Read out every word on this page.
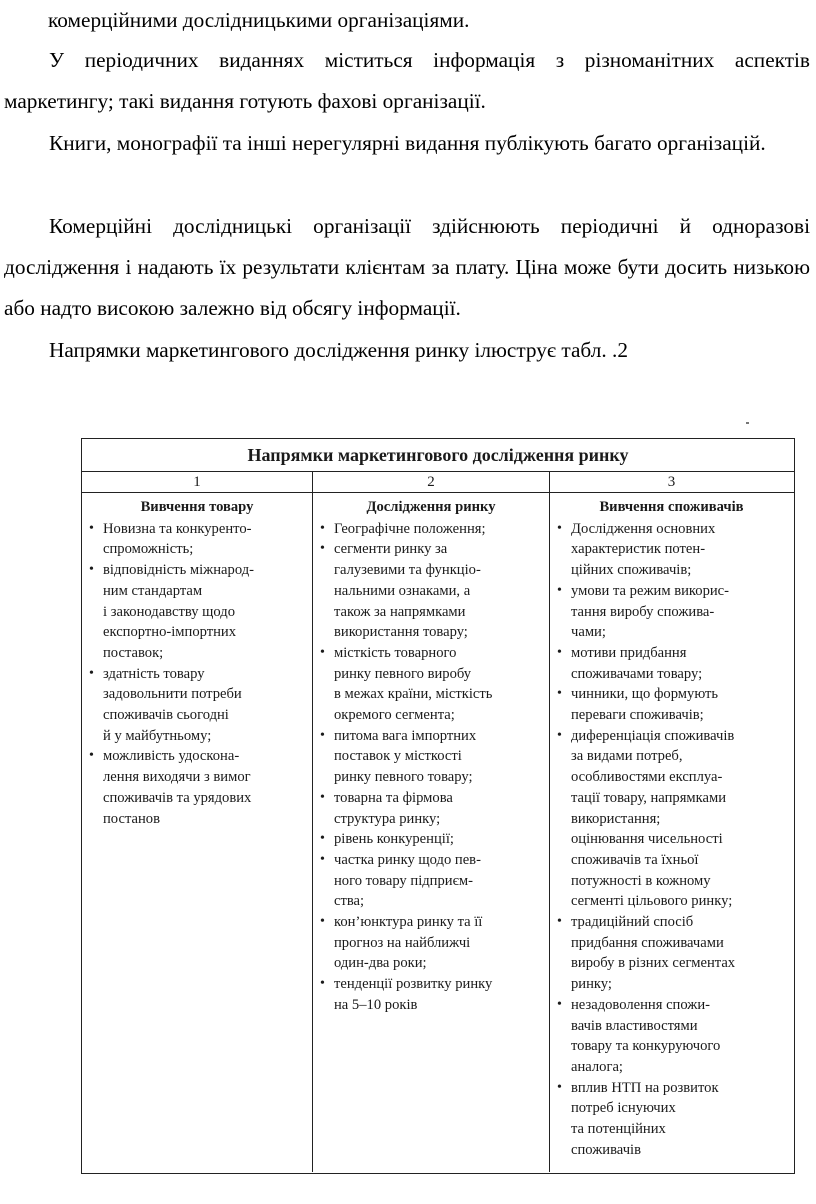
комерційними дослідницькими організаціями.

У періодичних виданнях міститься інформація з різноманітних аспектів маркетингу; такі видання готують фахові організації.

Книги, монографії та інші нерегулярні видання публікують багато організацій.

Комерційні дослідницькі організації здійснюють періодичні й одноразові дослідження і надають їх результати клієнтам за плату. Ціна може бути досить низькою або надто високою залежно від обсягу інформації.

Напрямки маркетингового дослідження ринку ілюструє табл. .2

Напрямки маркетингового дослідження ринку
1	2	3
Вивчення товару
• Новизна та конкуренто-
спроможність;
• відповідність міжнарод-
ним стандартам
і законодавству щодо
експортно-імпортних
поставок;
• здатність товару
задовольнити потреби
споживачів сьогодні
й у майбутньому;
• можливість удоскона-
лення виходячи з вимог
споживачів та урядових
постанов
Дослідження ринку
• Географічне положення;
• сегменти ринку за
галузевими та функціо-
нальними ознаками, а
також за напрямками
використання товару;
• місткість товарного
ринку певного виробу
в межах країни, місткість
окремого сегмента;
• питома вага імпортних
поставок у місткості
ринку певного товару;
• товарна та фірмова
структура ринку;
• рівень конкуренції;
• частка ринку щодо пев-
ного товару підприєм-
ства;
• кон’юнктура ринку та її
прогноз на найближчі
один-два роки;
• тенденції розвитку ринку
на 5–10 років
Вивчення споживачів
• Дослідження основних
характеристик потен-
ційних споживачів;
• умови та режим викорис-
тання виробу спожива-
чами;
• мотиви придбання
споживачами товару;
• чинники, що формують
переваги споживачів;
• диференціація споживачів
за видами потреб,
особливостями експлуа-
тації товару, напрямками
використання;
оцінювання чисельності
споживачів та їхньої
потужності в кожному
сегменті цільового ринку;
• традиційний спосіб
придбання споживачами
виробу в різних сегментах
ринку;
• незадоволення спожи-
вачів властивостями
товару та конкуруючого
аналога;
• вплив НТП на розвиток
потреб існуючих
та потенційних
споживачів
